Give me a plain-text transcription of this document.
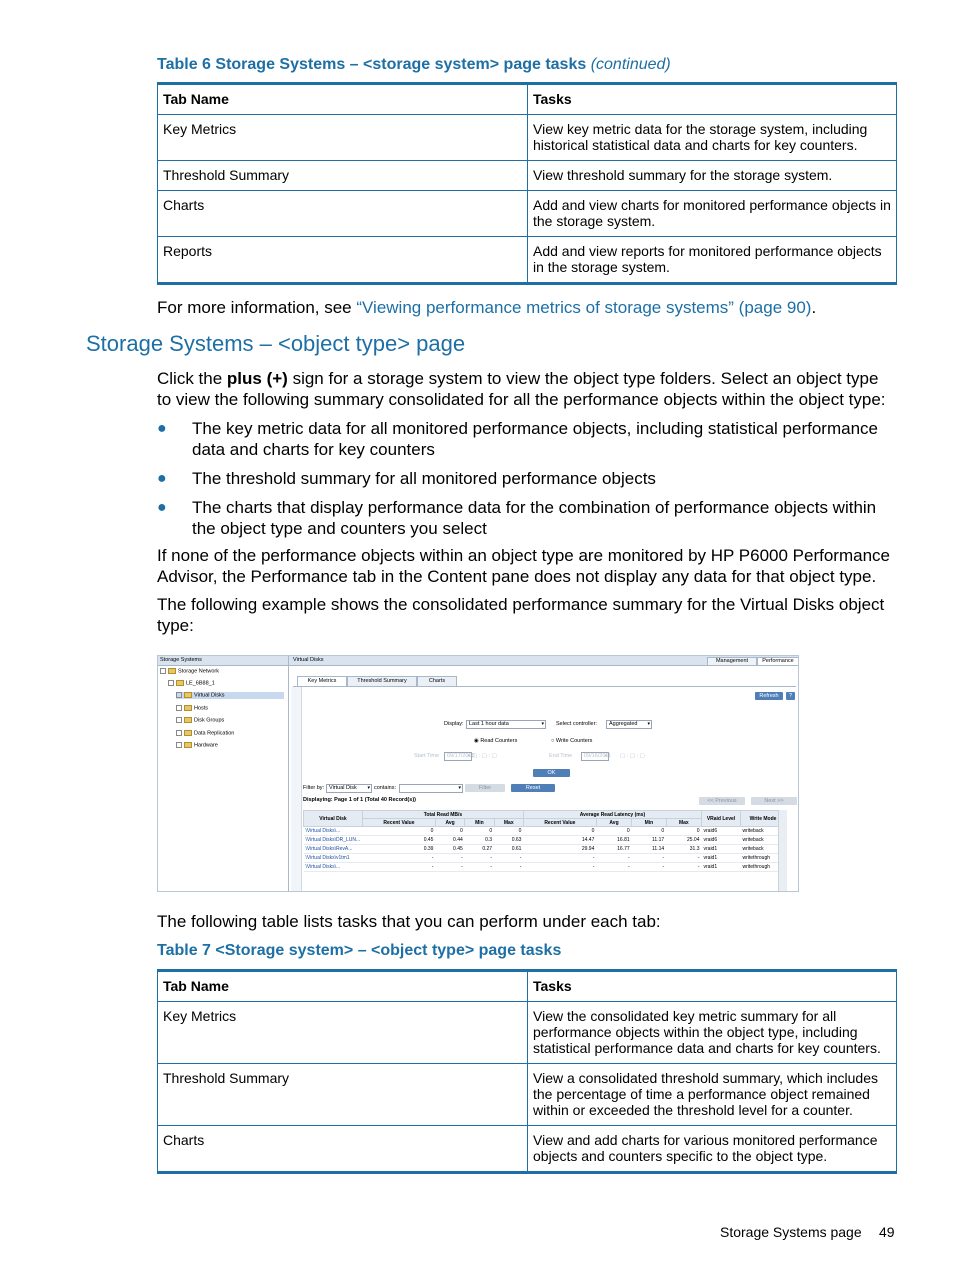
Table 6 Storage Systems – <storage system> page tasks (continued)
Tab Name	Tasks
Key Metrics	View key metric data for the storage system, including historical statistical data and charts for key counters.
Threshold Summary	View threshold summary for the storage system.
Charts	Add and view charts for monitored performance objects in the storage system.
Reports	Add and view reports for monitored performance objects in the storage system.
For more information, see “Viewing performance metrics of storage systems” (page 90).
Storage Systems – <object type> page
Click the plus (+) sign for a storage system to view the object type folders. Select an object type to view the following summary consolidated for all the performance objects within the object type:
● The key metric data for all monitored performance objects, including statistical performance data and charts for key counters
● The threshold summary for all monitored performance objects
● The charts that display performance data for the combination of performance objects within the object type and counters you select
If none of the performance objects within an object type are monitored by HP P6000 Performance Advisor, the Performance tab in the Content pane does not display any data for that object type.
The following example shows the consolidated performance summary for the Virtual Disks object type:
Storage Systems
Storage Network
LE_6B88_1
Virtual Disks
Hosts
Disk Groups
Data Replication
Hardware
Virtual Disks	Management	Performance
Key Metrics	Threshold Summary	Charts
Refresh	?
Display: Last 1 hour data ▾	Select controller:	Aggregated ▾
◉ Read Counters	○ Write Counters
Start Time	09/17/2010 ▾
▢ : ▢ : ▢	End Time	09/16/2011 ▾ ▢ : ▢ : ▢
OK
Filter by: Virtual Disk ▾	contains: ▾	Filter	Reset
Displaying: Page 1 of 1 (Total 40 Record(s))	<< Previous	Next >>
Virtual Disk	Total Read MB/s				Average Read Latency (ms)				VRaid Level	Write Mode
	Recent Value	Avg	Min	Max	Recent Value	Avg	Min	Max		
\Virtual Disks\...	0	0	0	0	0	0	0	0	vraid6	writeback
\Virtual Disks\DR_LUN...	0.45	0.44	0.3	0.63	14.47	16.81	11.17	25.04	vraid6	writeback
\Virtual Disks\RevA...	0.39	0.45	0.27	0.61	29.94	16.77	11.14	31.3	vraid1	writeback
\Virtual Disks\v1tm1	-	-	-	-	-	-	-	-	vraid1	writethrough
\Virtual Disks\...	-	-	-	-	-	-	-	-	vraid1	writethrough
The following table lists tasks that you can perform under each tab:
Table 7 <Storage system> – <object type> page tasks
Tab Name	Tasks
Key Metrics	View the consolidated key metric summary for all performance objects within the object type, including statistical performance data and charts for key counters.
Threshold Summary	View a consolidated threshold summary, which includes the percentage of time a performance object remained within or exceeded the threshold level for a counter.
Charts	View and add charts for various monitored performance objects and counters specific to the object type.
Storage Systems page 49
